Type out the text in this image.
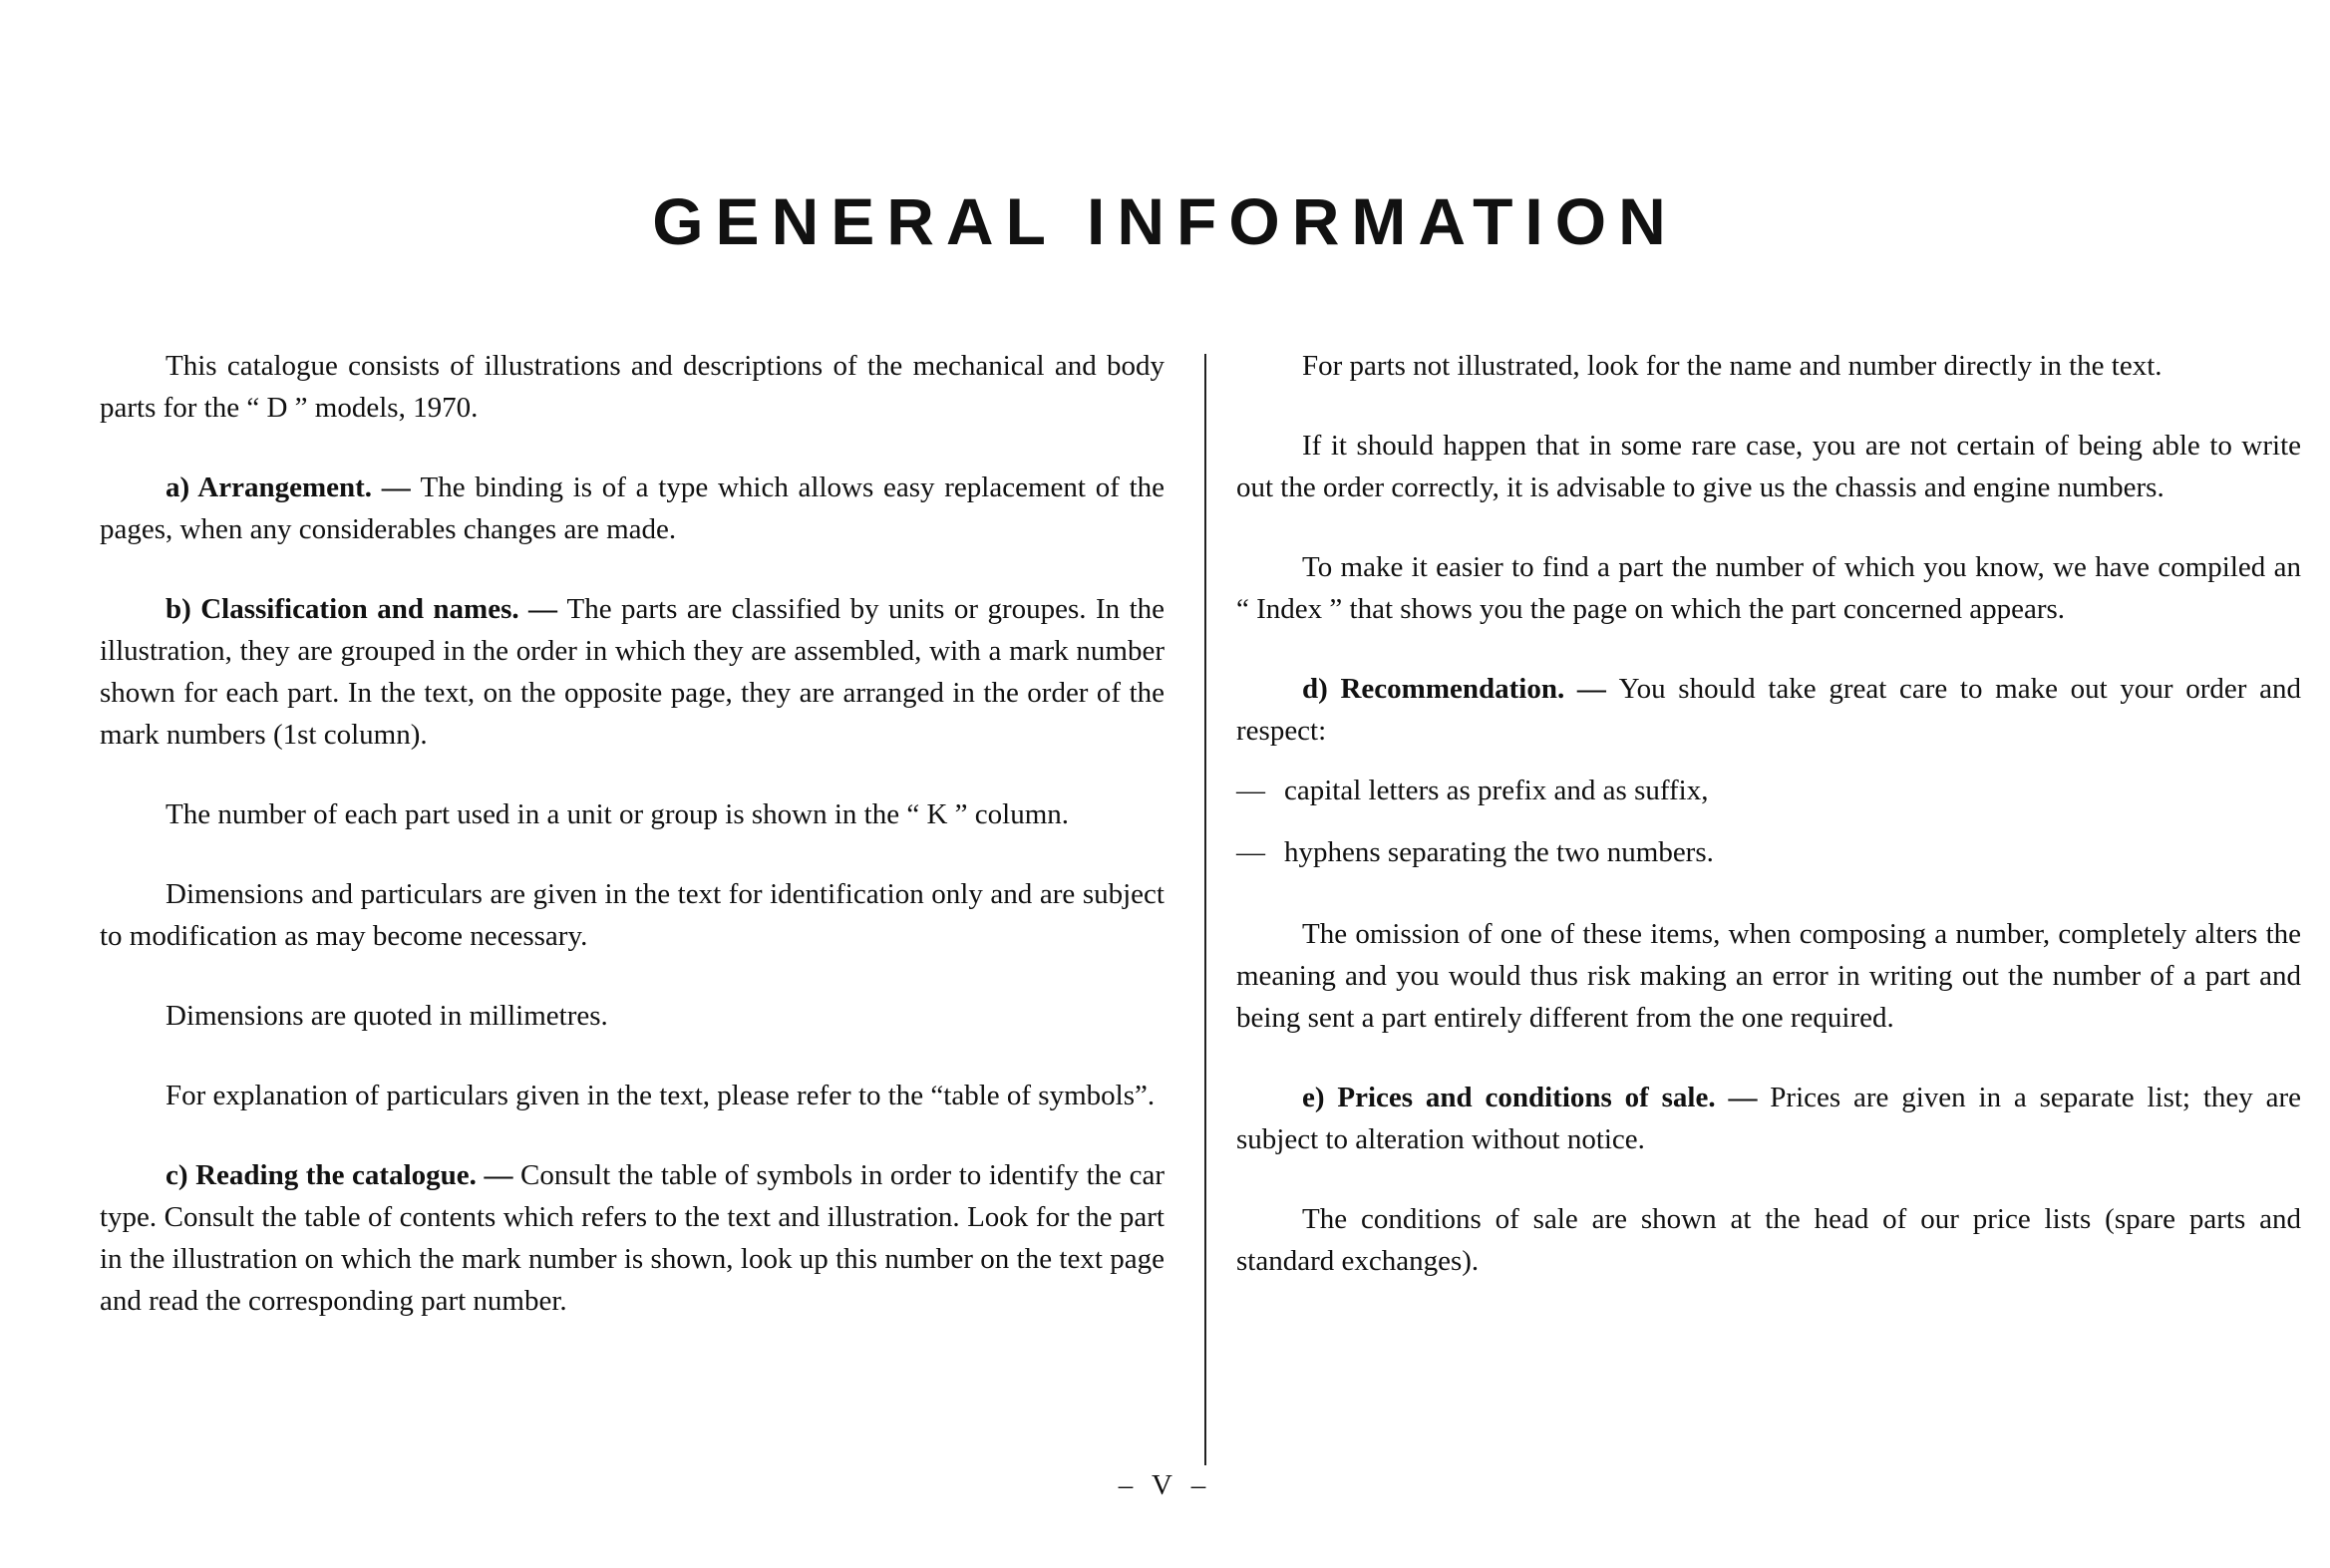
GENERAL INFORMATION

This catalogue consists of illustrations and descriptions of the mechanical and body parts for the “ D ” models, 1970.

a) Arrangement. — The binding is of a type which allows easy replacement of the pages, when any considerables changes are made.

b) Classification and names. — The parts are classified by units or groupes. In the illustration, they are grouped in the order in which they are assembled, with a mark number shown for each part. In the text, on the opposite page, they are arranged in the order of the mark numbers (1st column).

The number of each part used in a unit or group is shown in the “ K ” column.

Dimensions and particulars are given in the text for identification only and are subject to modification as may become necessary.

Dimensions are quoted in millimetres.

For explanation of particulars given in the text, please refer to the “table of symbols”.

c) Reading the catalogue. — Consult the table of symbols in order to identify the car type. Consult the table of contents which refers to the text and illustration. Look for the part in the illustration on which the mark number is shown, look up this number on the text page and read the corresponding part number.

For parts not illustrated, look for the name and number directly in the text.

If it should happen that in some rare case, you are not certain of being able to write out the order correctly, it is advisable to give us the chassis and engine numbers.

To make it easier to find a part the number of which you know, we have compiled an “ Index ” that shows you the page on which the part concerned appears.

d) Recommendation. — You should take great care to make out your order and respect:

— capital letters as prefix and as suffix,
— hyphens separating the two numbers.

The omission of one of these items, when composing a number, completely alters the meaning and you would thus risk making an error in writing out the number of a part and being sent a part entirely different from the one required.

e) Prices and conditions of sale. — Prices are given in a separate list; they are subject to alteration without notice.

The conditions of sale are shown at the head of our price lists (spare parts and standard exchanges).

– V –
